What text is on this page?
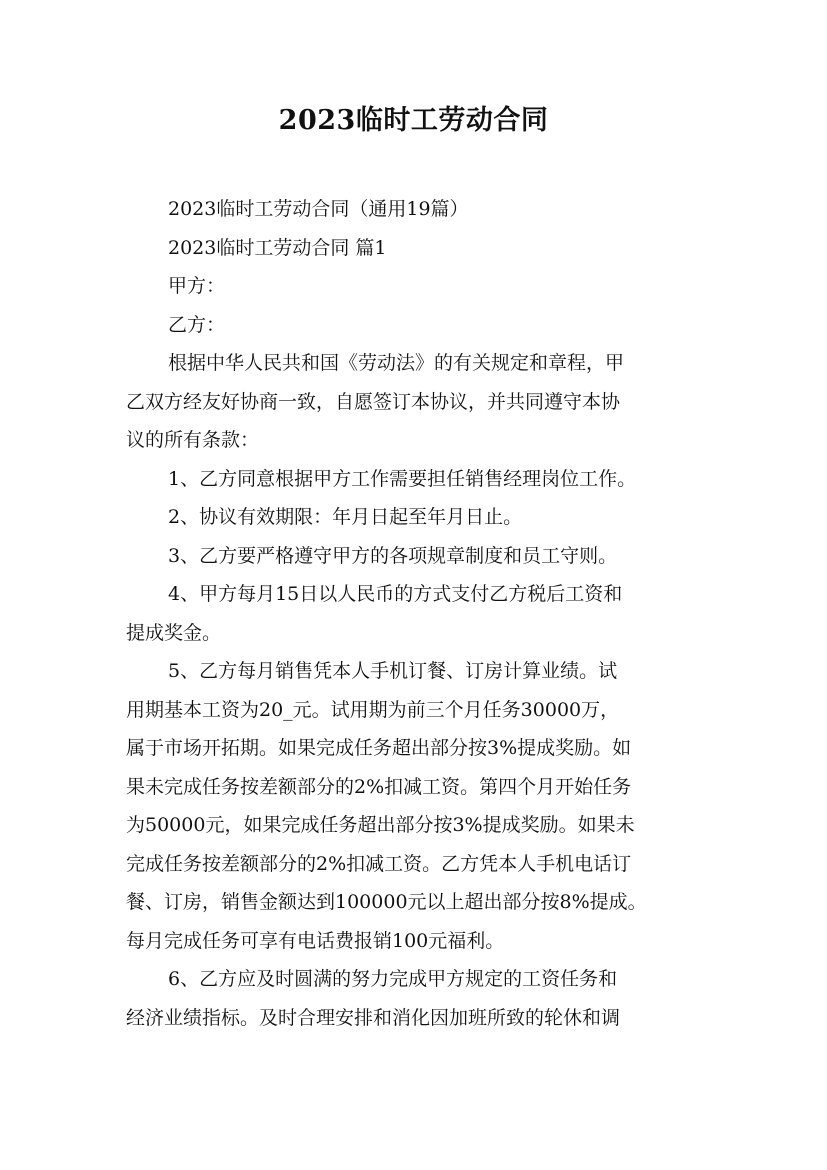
2023临时工劳动合同

2023临时工劳动合同（通用19篇）

2023临时工劳动合同 篇1

甲方：

乙方：

根据中华人民共和国《劳动法》的有关规定和章程，甲

乙双方经友好协商一致，自愿签订本协议，并共同遵守本协

议的所有条款：

1、乙方同意根据甲方工作需要担任销售经理岗位工作。

2、协议有效期限：年月日起至年月日止。

3、乙方要严格遵守甲方的各项规章制度和员工守则。

4、甲方每月15日以人民币的方式支付乙方税后工资和

提成奖金。

5、乙方每月销售凭本人手机订餐、订房计算业绩。试

用期基本工资为20_元。试用期为前三个月任务30000万，

属于市场开拓期。如果完成任务超出部分按3%提成奖励。如

果未完成任务按差额部分的2%扣减工资。第四个月开始任务

为50000元，如果完成任务超出部分按3%提成奖励。如果未

完成任务按差额部分的2%扣减工资。乙方凭本人手机电话订

餐、订房，销售金额达到100000元以上超出部分按8%提成。

每月完成任务可享有电话费报销100元福利。

6、乙方应及时圆满的努力完成甲方规定的工资任务和

经济业绩指标。及时合理安排和消化因加班所致的轮休和调
